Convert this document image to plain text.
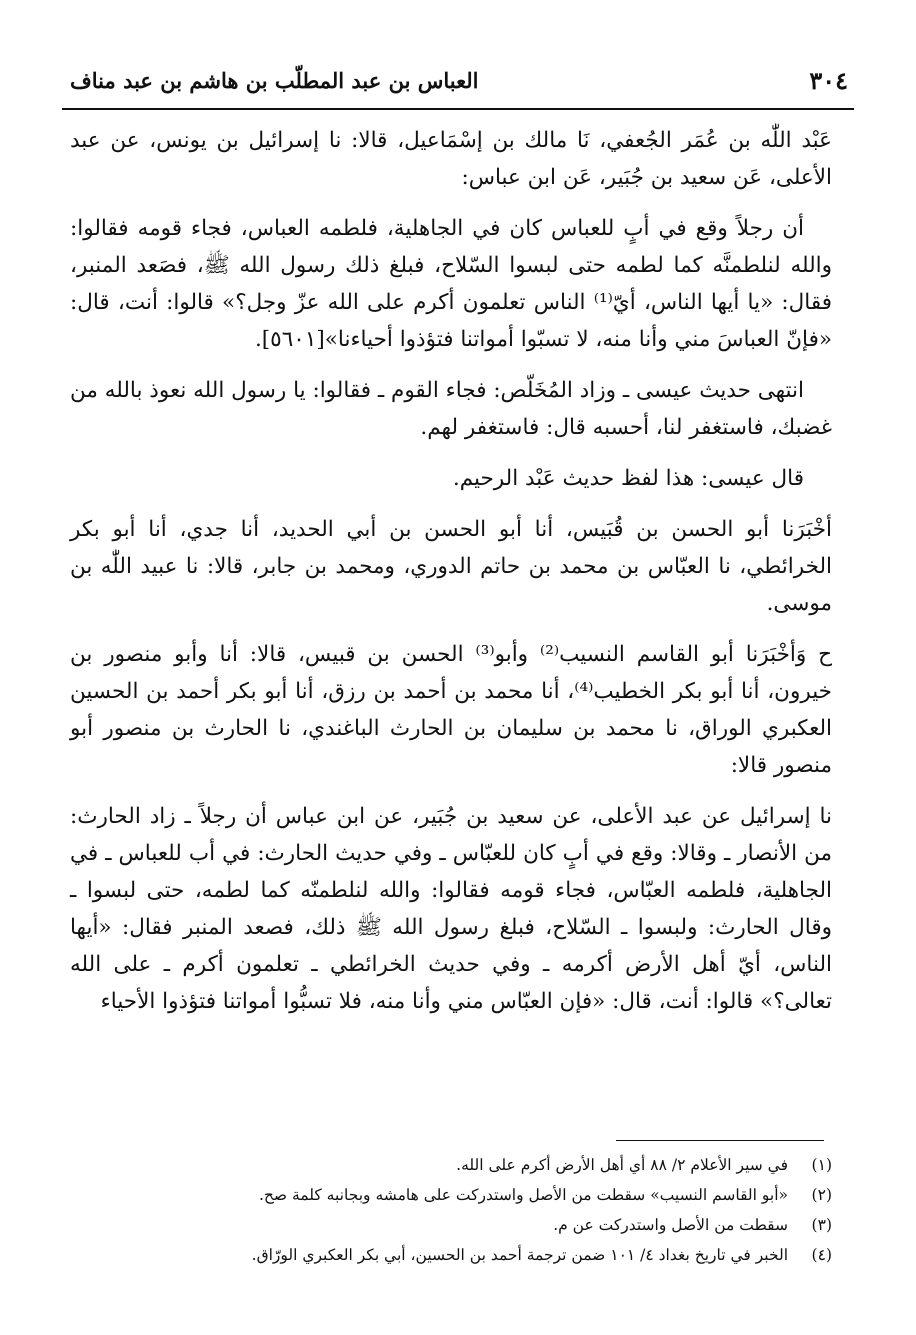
٣٠٤
العباس بن عبد المطلّب بن هاشم بن عبد مناف

عَبْد اللّٰه بن عُمَر الجُعفي، نَا مالك بن إسْمَاعيل، قالا: نا إسرائيل بن يونس، عن عبد الأعلى، عَن سعيد بن جُبَير، عَن ابن عباس:

أن رجلاً وقع في أبٍ للعباس كان في الجاهلية، فلطمه العباس، فجاء قومه فقالوا: والله لنلطمنَّه كما لطمه حتى لبسوا السّلاح، فبلغ ذلك رسول الله ﷺ، فصَعد المنبر، فقال: «يا أيها الناس، أيّ⁽¹⁾ الناس تعلمون أكرم على الله عزّ وجل؟» قالوا: أنت، قال: «فإنّ العباسَ مني وأنا منه، لا تسبّوا أمواتنا فتؤذوا أحياءنا»[٥٦٠١].

انتهى حديث عيسى ـ وزاد المُخَلّص: فجاء القوم ـ فقالوا: يا رسول الله نعوذ بالله من غضبك، فاستغفر لنا، أحسبه قال: فاستغفر لهم.

قال عيسى: هذا لفظ حديث عَبْد الرحيم.

أخْبَرَنا أبو الحسن بن قُبَيس، أنا أبو الحسن بن أبي الحديد، أنا جدي، أنا أبو بكر الخرائطي، نا العبّاس بن محمد بن حاتم الدوري، ومحمد بن جابر، قالا: نا عبيد اللّٰه بن موسى.

ح وَأخْبَرَنا أبو القاسم النسيب⁽²⁾ وأبو⁽³⁾ الحسن بن قبيس، قالا: أنا وأبو منصور بن خيرون، أنا أبو بكر الخطيب⁽⁴⁾، أنا محمد بن أحمد بن رزق، أنا أبو بكر أحمد بن الحسين العكبري الوراق، نا محمد بن سليمان بن الحارث الباغندي، نا الحارث بن منصور أبو منصور قالا:

نا إسرائيل عن عبد الأعلى، عن سعيد بن جُبَير، عن ابن عباس أن رجلاً ـ زاد الحارث: من الأنصار ـ وقالا: وقع في أبٍ كان للعبّاس ـ وفي حديث الحارث: في أب للعباس ـ في الجاهلية، فلطمه العبّاس، فجاء قومه فقالوا: والله لنلطمنّه كما لطمه، حتى لبسوا ـ وقال الحارث: ولبسوا ـ السّلاح، فبلغ رسول الله ﷺ ذلك، فصعد المنبر فقال: «أيها الناس، أيّ أهل الأرض أكرمه ـ وفي حديث الخرائطي ـ تعلمون أكرم ـ على الله تعالى؟» قالوا: أنت، قال: «فإن العبّاس مني وأنا منه، فلا تسبُّوا أمواتنا فتؤذوا الأحياء

(١)في سير الأعلام ٢/ ٨٨ أي أهل الأرض أكرم على الله.
(٢)«أبو القاسم النسيب» سقطت من الأصل واستدركت على هامشه وبجانبه كلمة صح.
(٣)سقطت من الأصل واستدركت عن م.
(٤)الخبر في تاريخ بغداد ٤/ ١٠١ ضمن ترجمة أحمد بن الحسين، أبي بكر العكبري الورّاق.
